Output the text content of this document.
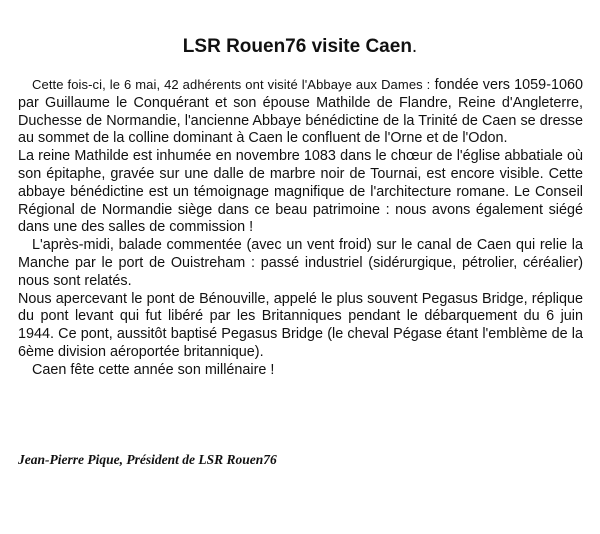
LSR Rouen76 visite Caen.

Cette fois-ci, le 6 mai, 42 adhérents ont visité l'Abbaye aux Dames : fondée vers 1059-1060 par Guillaume le Conquérant et son épouse Mathilde de Flandre, Reine d'Angleterre, Duchesse de Normandie, l'ancienne Abbaye bénédictine de la Trinité de Caen se dresse au sommet de la colline dominant à Caen le confluent de l'Orne et de l'Odon.

La reine Mathilde est inhumée en novembre 1083 dans le chœur de l'église abbatiale où son épitaphe, gravée sur une dalle de marbre noir de Tournai, est encore visible. Cette abbaye bénédictine est un témoignage magnifique de l'architecture romane. Le Conseil Régional de Normandie siège dans ce beau patrimoine : nous avons également siégé dans une des salles de commission !

L'après-midi, balade commentée (avec un vent froid) sur le canal de Caen qui relie la Manche par le port de Ouistreham : passé industriel (sidérurgique, pétrolier, céréalier) nous sont relatés.

Nous apercevant le pont de Bénouville, appelé le plus souvent Pegasus Bridge, réplique du pont levant qui fut libéré par les Britanniques pendant le débarquement du 6 juin 1944. Ce pont, aussitôt baptisé Pegasus Bridge (le cheval Pégase étant l'emblème de la 6ème division aéroportée britannique).

Caen fête cette année son millénaire !

Jean-Pierre Pique, Président de LSR Rouen76
